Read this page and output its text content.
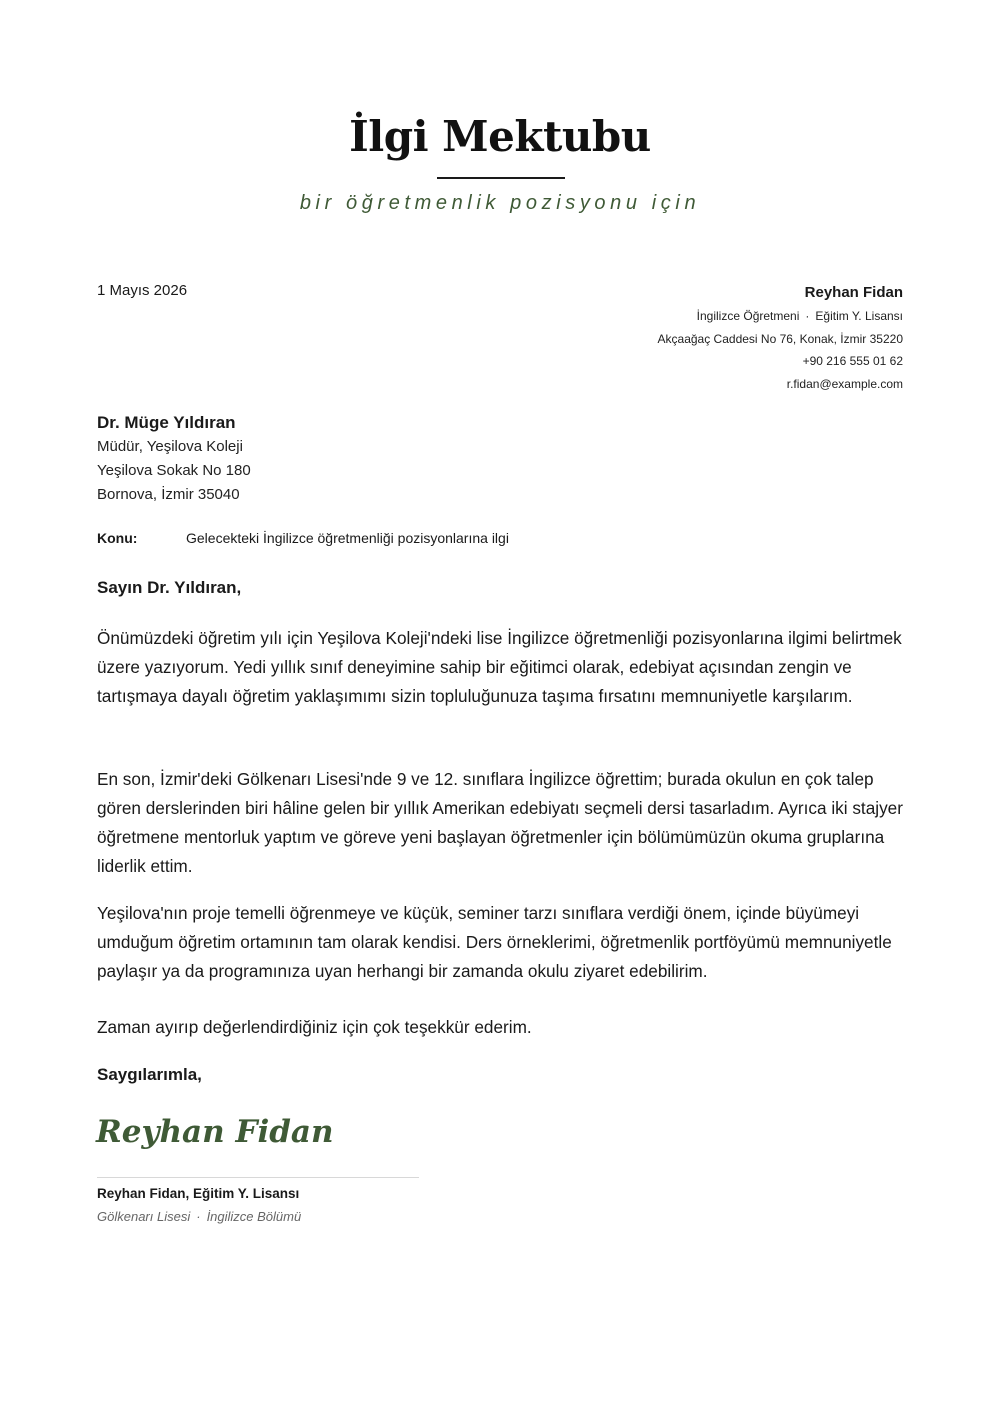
İlgi Mektubu
bir öğretmenlik pozisyonu için
1 Mayıs 2026	Reyhan Fidan
İngilizce Öğretmeni · Eğitim Y. Lisansı
Akçaağaç Caddesi No 76, Konak, İzmir 35220
+90 216 555 01 62
r.fidan@example.com
Dr. Müge Yıldıran
Müdür, Yeşilova Koleji
Yeşilova Sokak No 180
Bornova, İzmir 35040
Konu:	Gelecekteki İngilizce öğretmenliği pozisyonlarına ilgi
Sayın Dr. Yıldıran,

Önümüzdeki öğretim yılı için Yeşilova Koleji'ndeki lise İngilizce öğretmenliği pozisyonlarına ilgimi belirtmek üzere yazıyorum. Yedi yıllık sınıf deneyimine sahip bir eğitimci olarak, edebiyat açısından zengin ve tartışmaya dayalı öğretim yaklaşımımı sizin topluluğunuza taşıma fırsatını memnuniyetle karşılarım.

En son, İzmir'deki Gölkenarı Lisesi'nde 9 ve 12. sınıflara İngilizce öğrettim; burada okulun en çok talep gören derslerinden biri hâline gelen bir yıllık Amerikan edebiyatı seçmeli dersi tasarladım. Ayrıca iki stajyer öğretmene mentorluk yaptım ve göreve yeni başlayan öğretmenler için bölümümüzün okuma gruplarına liderlik ettim.

Yeşilova'nın proje temelli öğrenmeye ve küçük, seminer tarzı sınıflara verdiği önem, içinde büyümeyi umduğum öğretim ortamının tam olarak kendisi. Ders örneklerimi, öğretmenlik portföyümü memnuniyetle paylaşır ya da programınıza uyan herhangi bir zamanda okulu ziyaret edebilirim.

Zaman ayırıp değerlendirdiğiniz için çok teşekkür ederim.

Saygılarımla,
Reyhan Fidan
Reyhan Fidan, Eğitim Y. Lisansı
Gölkenarı Lisesi · İngilizce Bölümü
